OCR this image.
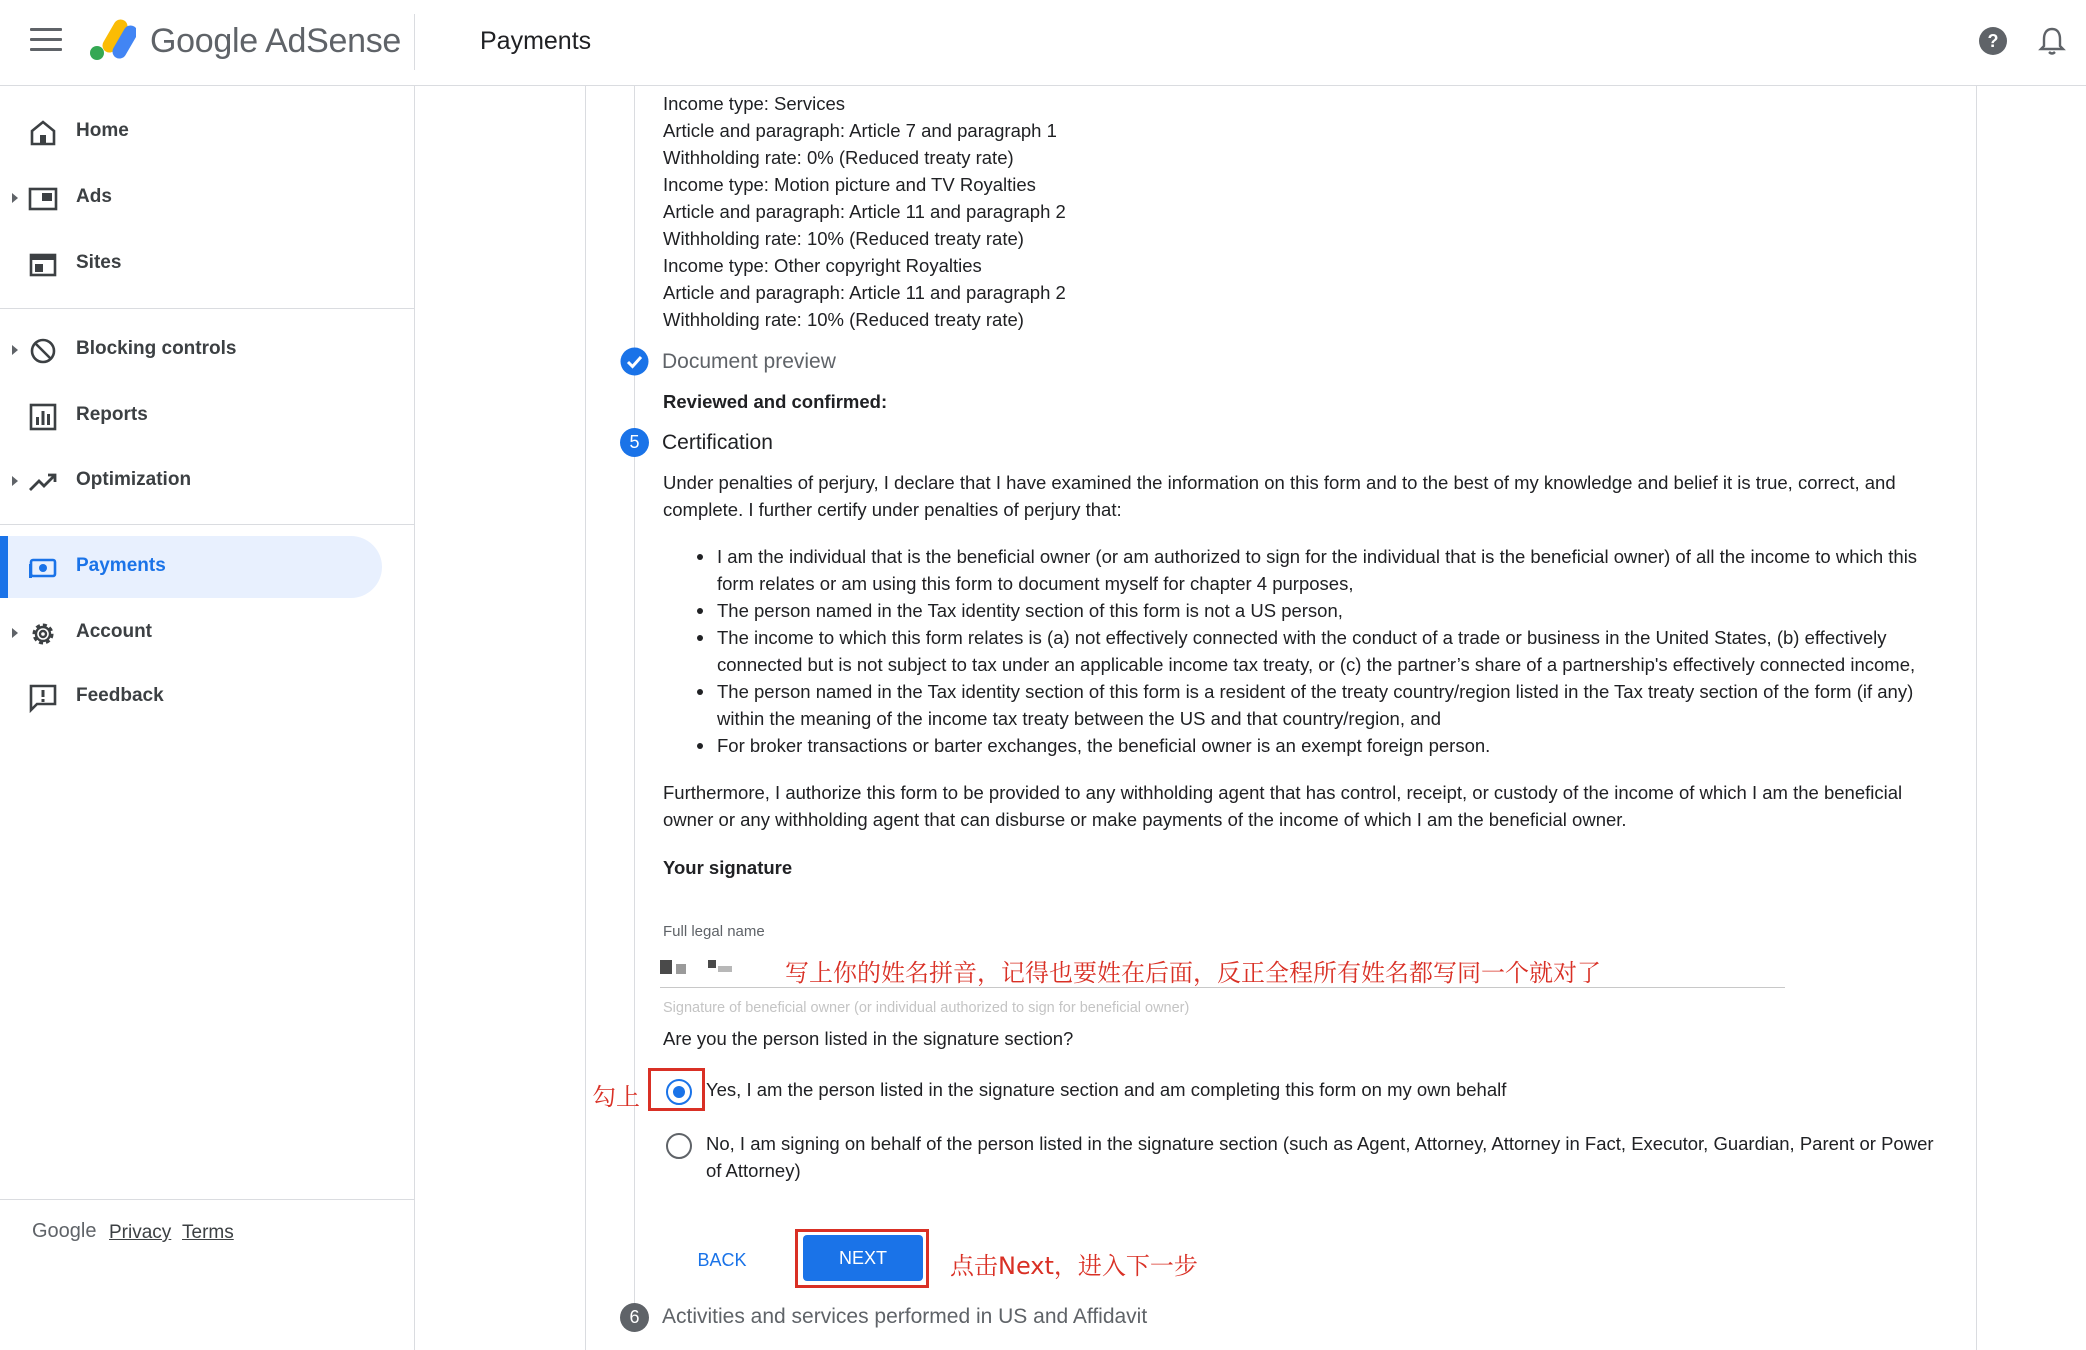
Google AdSense	Payments	?
Home
Ads
Sites
Blocking controls
Reports
Optimization
Payments
Account
Feedback
Google Privacy Terms
Income type: Services
Article and paragraph: Article 7 and paragraph 1
Withholding rate: 0% (Reduced treaty rate)
Income type: Motion picture and TV Royalties
Article and paragraph: Article 11 and paragraph 2
Withholding rate: 10% (Reduced treaty rate)
Income type: Other copyright Royalties
Article and paragraph: Article 11 and paragraph 2
Withholding rate: 10% (Reduced treaty rate)
Document preview
Reviewed and confirmed:
5	Certification
Under penalties of perjury, I declare that I have examined the information on this form and to the best of my knowledge and belief it is true, correct, and complete. I further certify under penalties of perjury that:
I am the individual that is the beneficial owner (or am authorized to sign for the individual that is the beneficial owner) of all the income to which this form relates or am using this form to document myself for chapter 4 purposes,
The person named in the Tax identity section of this form is not a US person,
The income to which this form relates is (a) not effectively connected with the conduct of a trade or business in the United States, (b) effectively connected but is not subject to tax under an applicable income tax treaty, or (c) the partner’s share of a partnership's effectively connected income,
The person named in the Tax identity section of this form is a resident of the treaty country/region listed in the Tax treaty section of the form (if any) within the meaning of the income tax treaty between the US and that country/region, and
For broker transactions or barter exchanges, the beneficial owner is an exempt foreign person.
Furthermore, I authorize this form to be provided to any withholding agent that has control, receipt, or custody of the income of which I am the beneficial owner or any withholding agent that can disburse or make payments of the income of which I am the beneficial owner.
Your signature
Full legal name
Signature of beneficial owner (or individual authorized to sign for beneficial owner)
Are you the person listed in the signature section?
Yes, I am the person listed in the signature section and am completing this form on my own behalf
No, I am signing on behalf of the person listed in the signature section (such as Agent, Attorney, Attorney in Fact, Executor, Guardian, Parent or Power of Attorney)
BACK	NEXT
6	Activities and services performed in US and Affidavit
写上你的姓名拼音，记得也要姓在后面，反正全程所有姓名都写同一个就对了
勾上
点击Next，进入下一步
